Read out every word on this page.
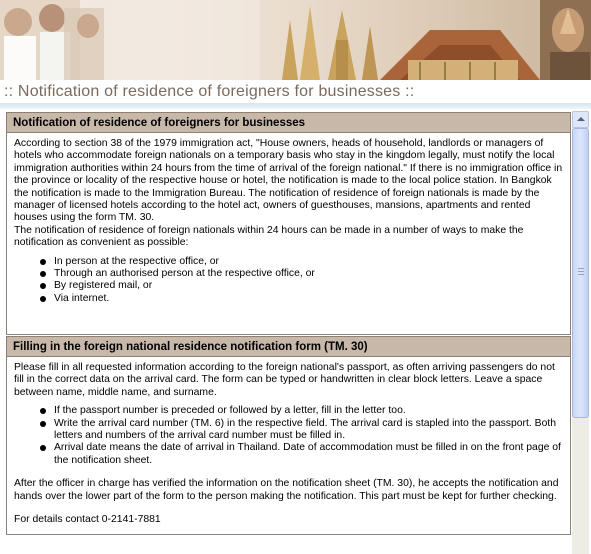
:: Notification of residence of foreigners for businesses ::
Notification of residence of foreigners for businesses

According to section 38 of the 1979 immigration act, "House owners, heads of household, landlords or managers of hotels who accommodate foreign nationals on a temporary basis who stay in the kingdom legally, must notify the local immigration authorities within 24 hours from the time of arrival of the foreign national." If there is no immigration office in the province or locality of the respective house or hotel, the notification is made to the local police station. In Bangkok the notification is made to the Immigration Bureau. The notification of residence of foreign nationals is made by the manager of licensed hotels according to the hotel act, owners of guesthouses, mansions, apartments and rented houses using the form TM. 30.

The notification of residence of foreign nationals within 24 hours can be made in a number of ways to make the notification as convenient as possible:

In person at the respective office, or
Through an authorised person at the respective office, or
By registered mail, or
Via internet.
Filling in the foreign national residence notification form (TM. 30)

Please fill in all requested information according to the foreign national's passport, as often arriving passengers do not fill in the correct data on the arrival card. The form can be typed or handwritten in clear block letters. Leave a space between name, middle name, and surname.

If the passport number is preceded or followed by a letter, fill in the letter too.
Write the arrival card number (TM. 6) in the respective field. The arrival card is stapled into the passport. Both letters and numbers of the arrival card number must be filled in.
Arrival date means the date of arrival in Thailand. Date of accommodation must be filled in on the front page of the notification sheet.

After the officer in charge has verified the information on the notification sheet (TM. 30), he accepts the notification and hands over the lower part of the form to the person making the notification. This part must be kept for further checking.

For details contact 0-2141-7881
